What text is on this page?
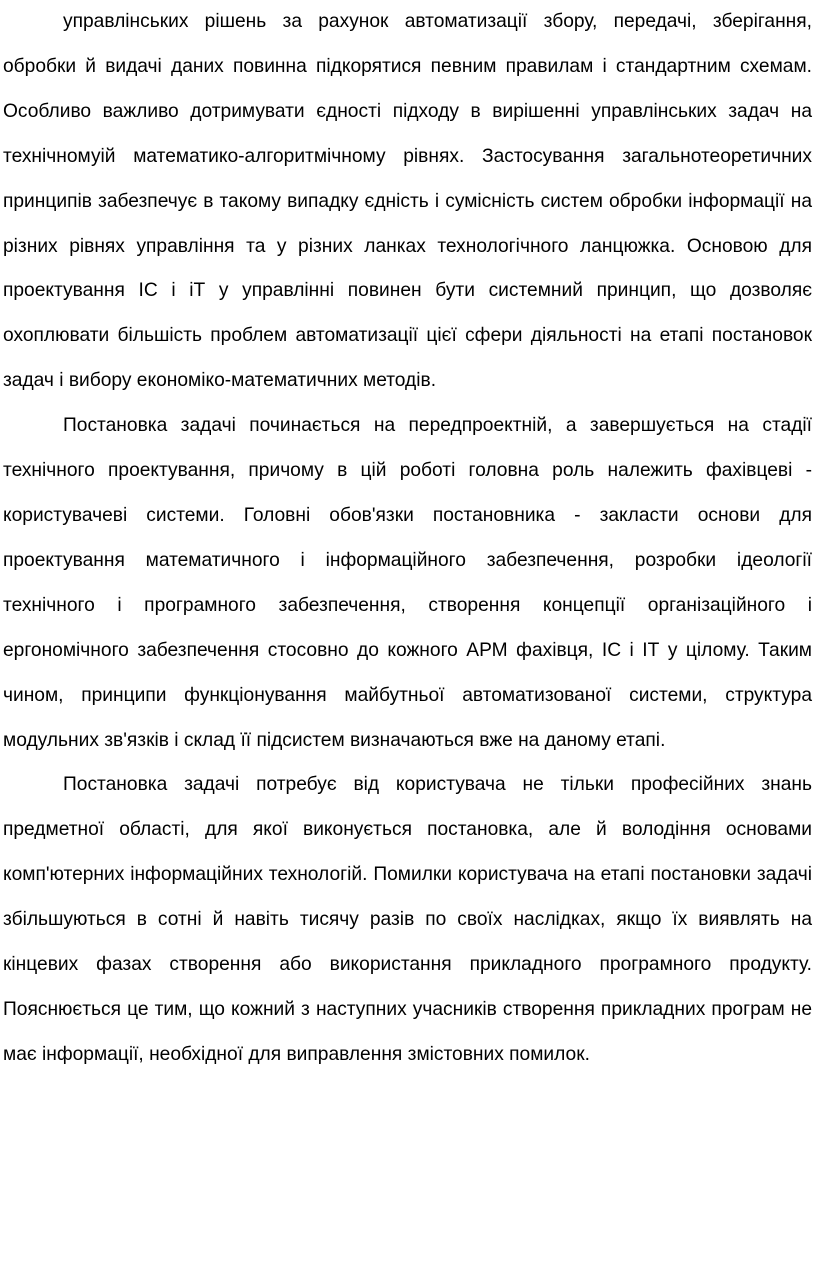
управлінських рішень за рахунок автоматизації збору, передачі, зберігання, обробки й видачі даних повинна підкорятися певним правилам і стандартним схемам. Особливо важливо дотримувати єдності підходу в вирішенні управлінських задач на технічномуій математико-алгоритмічному рівнях. Застосування загальнотеоретичних принципів забезпечує в такому випадку єдність і сумісність систем обробки інформації на різних рівнях управління та у різних ланках технологічного ланцюжка. Основою для проектування ІС і іТ у управлінні повинен бути системний принцип, що дозволяє охоплювати більшість проблем автоматизації цієї сфери діяльності на етапі постановок задач і вибору економіко-математичних методів.

Постановка задачі починається на передпроектній, а завершується на стадії технічного проектування, причому в цій роботі головна роль належить фахівцеві - користувачеві системи. Головні обов'язки постановника - закласти основи для проектування математичного і інформаційного забезпечення, розробки ідеології технічного і програмного забезпечення, створення концепції організаційного і ергономічного забезпечення стосовно до кожного АРМ фахівця, ІС і ІТ у цілому. Таким чином, принципи функціонування майбутньої автоматизованої системи, структура модульних зв'язків і склад її підсистем визначаються вже на даному етапі.

Постановка задачі потребує від користувача не тільки професійних знань предметної області, для якої виконується постановка, але й володіння основами комп'ютерних інформаційних технологій. Помилки користувача на етапі постановки задачі збільшуються в сотні й навіть тисячу разів по своїх наслідках, якщо їх виявлять на кінцевих фазах створення або використання прикладного програмного продукту. Пояснюється це тим, що кожний з наступних учасників створення прикладних програм не має інформації, необхідної для виправлення змістовних помилок.
